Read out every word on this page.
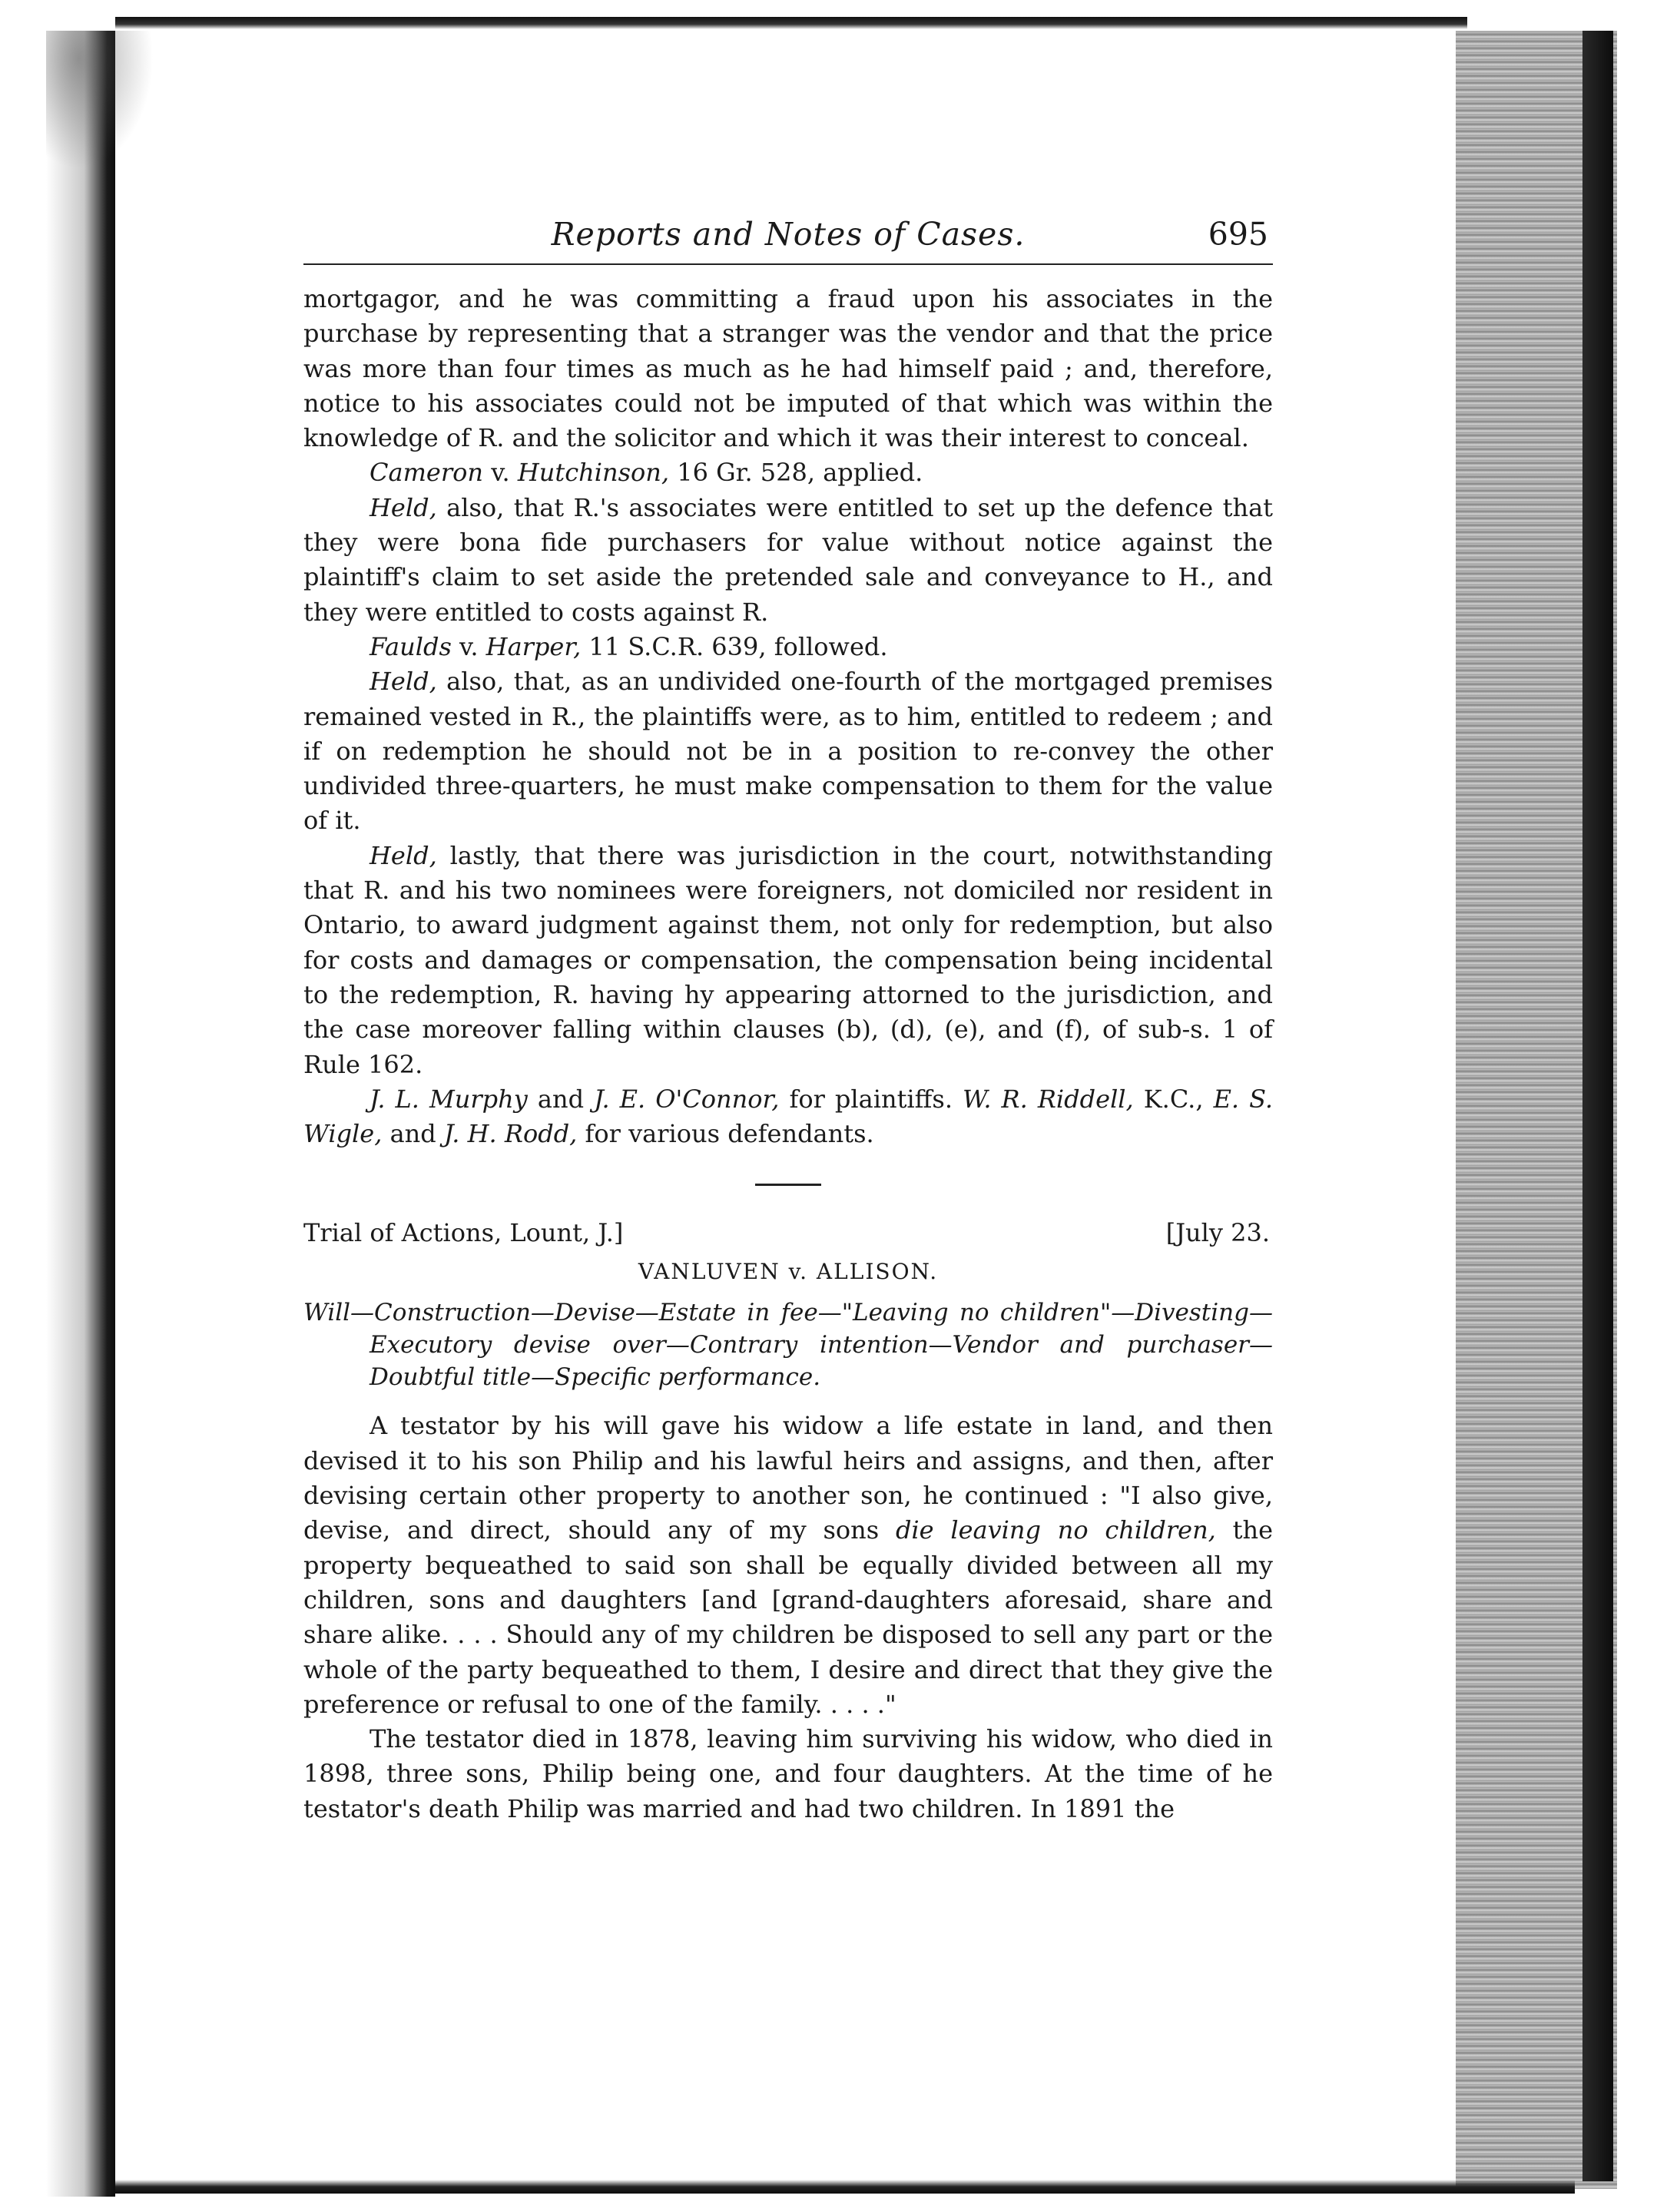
Reports and Notes of Cases.	695

mortgagor, and he was committing a fraud upon his associates in the purchase by representing that a stranger was the vendor and that the price was more than four times as much as he had himself paid ; and, therefore, notice to his associates could not be imputed of that which was within the knowledge of R. and the solicitor and which it was their interest to conceal.

Cameron v. Hutchinson, 16 Gr. 528, applied.

Held, also, that R.'s associates were entitled to set up the defence that they were bona fide purchasers for value without notice against the plaintiff's claim to set aside the pretended sale and conveyance to H., and they were entitled to costs against R.

Faulds v. Harper, 11 S.C.R. 639, followed.

Held, also, that, as an undivided one-fourth of the mortgaged premises remained vested in R., the plaintiffs were, as to him, entitled to redeem ; and if on redemption he should not be in a position to re-convey the other undivided three-quarters, he must make compensation to them for the value of it.

Held, lastly, that there was jurisdiction in the court, notwithstanding that R. and his two nominees were foreigners, not domiciled nor resident in Ontario, to award judgment against them, not only for redemption, but also for costs and damages or compensation, the compensation being incidental to the redemption, R. having hy appearing attorned to the jurisdiction, and the case moreover falling within clauses (b), (d), (e), and (f), of sub-s. 1 of Rule 162.

J. L. Murphy and J. E. O'Connor, for plaintiffs. W. R. Riddell, K.C., E. S. Wigle, and J. H. Rodd, for various defendants.

Trial of Actions, Lount, J.]	[July 23.
VANLUVEN v. ALLISON.
Will—Construction—Devise—Estate in fee—"Leaving no children"—Divesting—Executory devise over—Contrary intention—Vendor and purchaser—Doubtful title—Specific performance.

A testator by his will gave his widow a life estate in land, and then devised it to his son Philip and his lawful heirs and assigns, and then, after devising certain other property to another son, he continued : "I also give, devise, and direct, should any of my sons die leaving no children, the property bequeathed to said son shall be equally divided between all my children, sons and daughters [and [grand-daughters aforesaid, share and share alike. . . . Should any of my children be disposed to sell any part or the whole of the party bequeathed to them, I desire and direct that they give the preference or refusal to one of the family. . . . ."

The testator died in 1878, leaving him surviving his widow, who died in 1898, three sons, Philip being one, and four daughters. At the time of he testator's death Philip was married and had two children. In 1891 the
